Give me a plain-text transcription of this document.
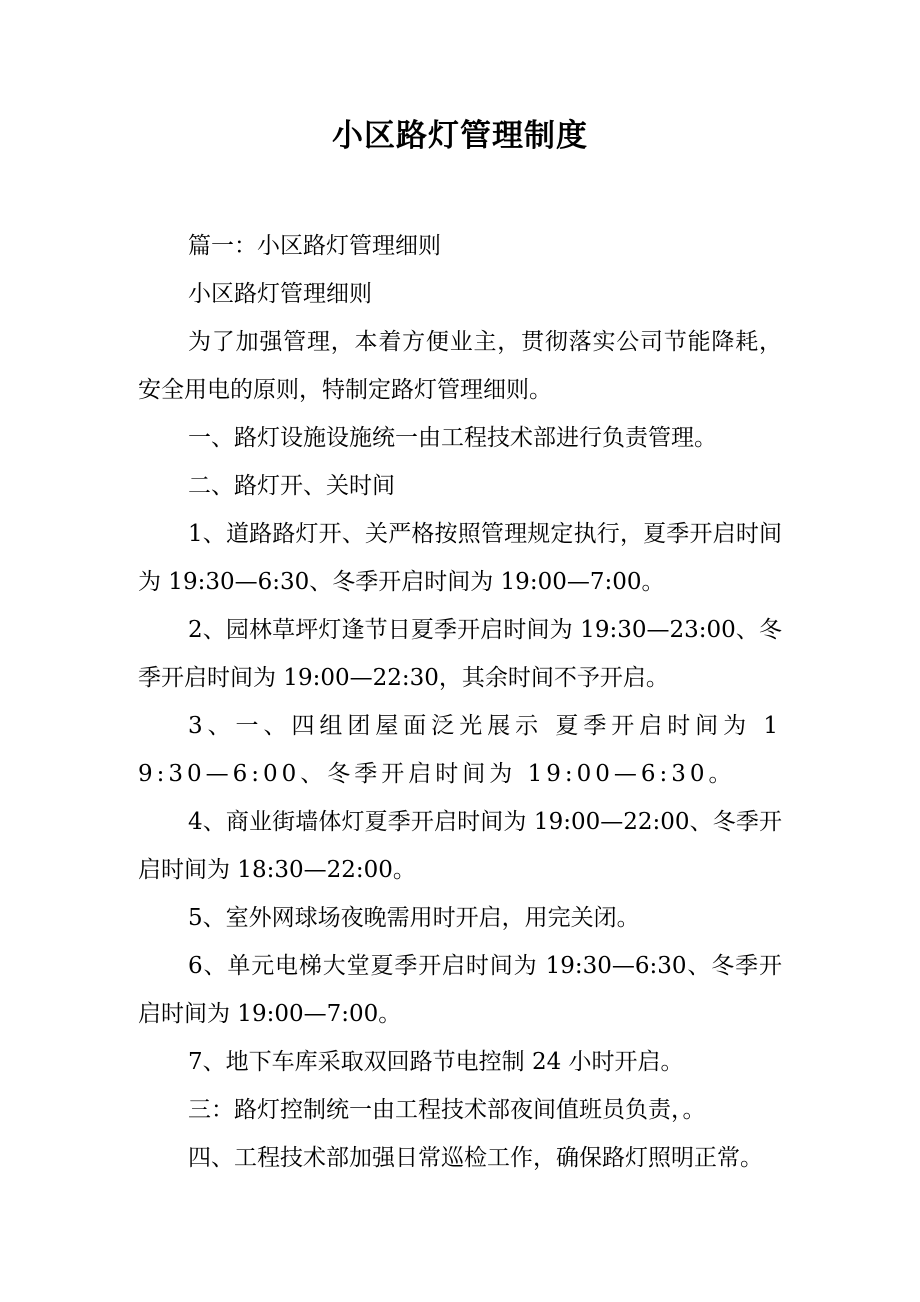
小区路灯管理制度

篇一：小区路灯管理细则

小区路灯管理细则

为了加强管理，本着方便业主，贯彻落实公司节能降耗，安全用电的原则，特制定路灯管理细则。

一、路灯设施设施统一由工程技术部进行负责管理。

二、路灯开、关时间

1、道路路灯开、关严格按照管理规定执行，夏季开启时间为 19:30—6:30、冬季开启时间为 19:00—7:00。

2、园林草坪灯逢节日夏季开启时间为 19:30—23:00、冬季开启时间为 19:00—22:30，其余时间不予开启。

3、一、四组团屋面泛光展示 夏季开启时间为 19:30—6:00、冬季开启时间为 19:00—6:30。

4、商业街墙体灯夏季开启时间为 19:00—22:00、冬季开启时间为 18:30—22:00。

5、室外网球场夜晚需用时开启，用完关闭。

6、单元电梯大堂夏季开启时间为 19:30—6:30、冬季开启时间为 19:00—7:00。

7、地下车库采取双回路节电控制 24 小时开启。

三：路灯控制统一由工程技术部夜间值班员负责，。

四、工程技术部加强日常巡检工作，确保路灯照明正常。
